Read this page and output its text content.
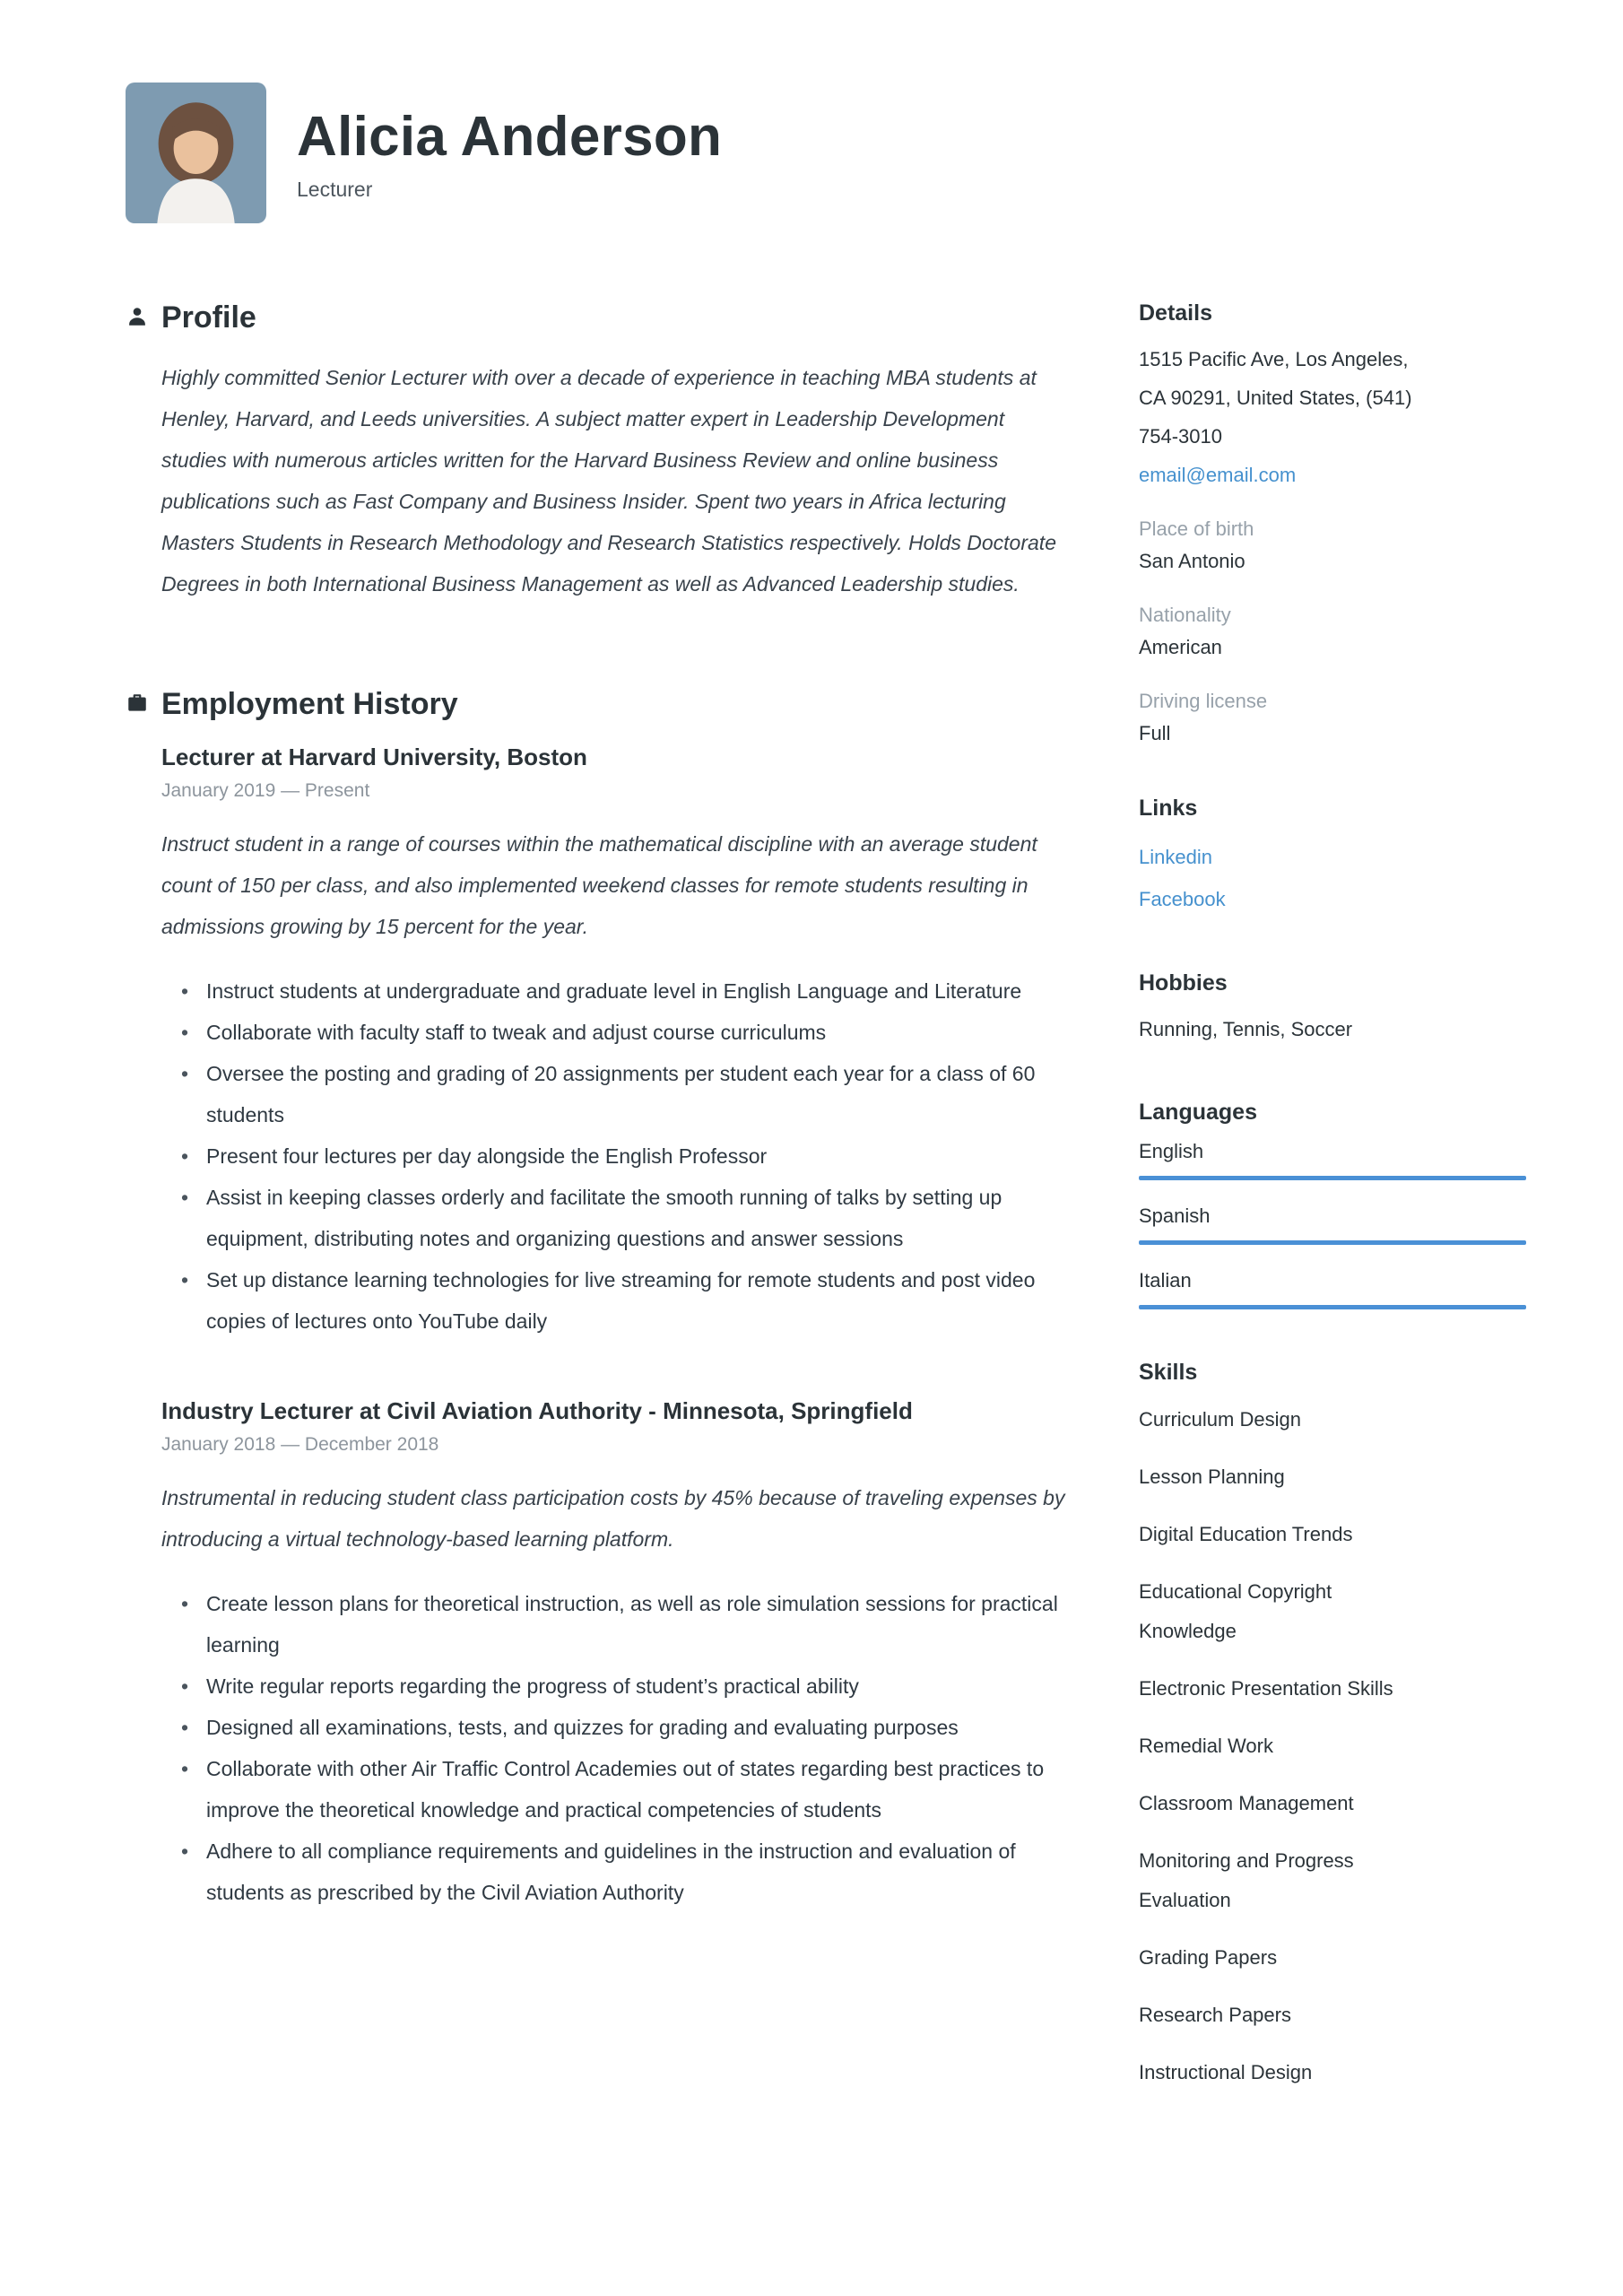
Alicia Anderson
Lecturer
Profile

Highly committed Senior Lecturer with over a decade of experience in teaching MBA students at Henley, Harvard, and Leeds universities. A subject matter expert in Leadership Development studies with numerous articles written for the Harvard Business Review and online business publications such as Fast Company and Business Insider. Spent two years in Africa lecturing Masters Students in Research Methodology and Research Statistics respectively. Holds Doctorate Degrees in both International Business Management as well as Advanced Leadership studies.

Employment History
Lecturer at Harvard University, Boston
January 2019 — Present

Instruct student in a range of courses within the mathematical discipline with an average student count of 150 per class, and also implemented weekend classes for remote students resulting in admissions growing by 15 percent for the year.

• Instruct students at undergraduate and graduate level in English Language and Literature
• Collaborate with faculty staff to tweak and adjust course curriculums
• Oversee the posting and grading of 20 assignments per student each year for a class of 60 students
• Present four lectures per day alongside the English Professor
• Assist in keeping classes orderly and facilitate the smooth running of talks by setting up equipment, distributing notes and organizing questions and answer sessions
• Set up distance learning technologies for live streaming for remote students and post video copies of lectures onto YouTube daily
Industry Lecturer at Civil Aviation Authority - Minnesota, Springfield
January 2018 — December 2018

Instrumental in reducing student class participation costs by 45% because of traveling expenses by introducing a virtual technology-based learning platform.

• Create lesson plans for theoretical instruction, as well as role simulation sessions for practical learning
• Write regular reports regarding the progress of student’s practical ability
• Designed all examinations, tests, and quizzes for grading and evaluating purposes
• Collaborate with other Air Traffic Control Academies out of states regarding best practices to improve the theoretical knowledge and practical competencies of students
• Adhere to all compliance requirements and guidelines in the instruction and evaluation of students as prescribed by the Civil Aviation Authority
Details
1515 Pacific Ave, Los Angeles,
CA 90291, United States, (541)
754-3010
email@email.com
Place of birth
San Antonio
Nationality
American
Driving license
Full
Links
Linkedin
Facebook
Hobbies
Running, Tennis, Soccer
Languages
English
Spanish
Italian
Skills
Curriculum Design
Lesson Planning
Digital Education Trends
Educational Copyright Knowledge
Electronic Presentation Skills
Remedial Work
Classroom Management
Monitoring and Progress Evaluation
Grading Papers
Research Papers
Instructional Design
